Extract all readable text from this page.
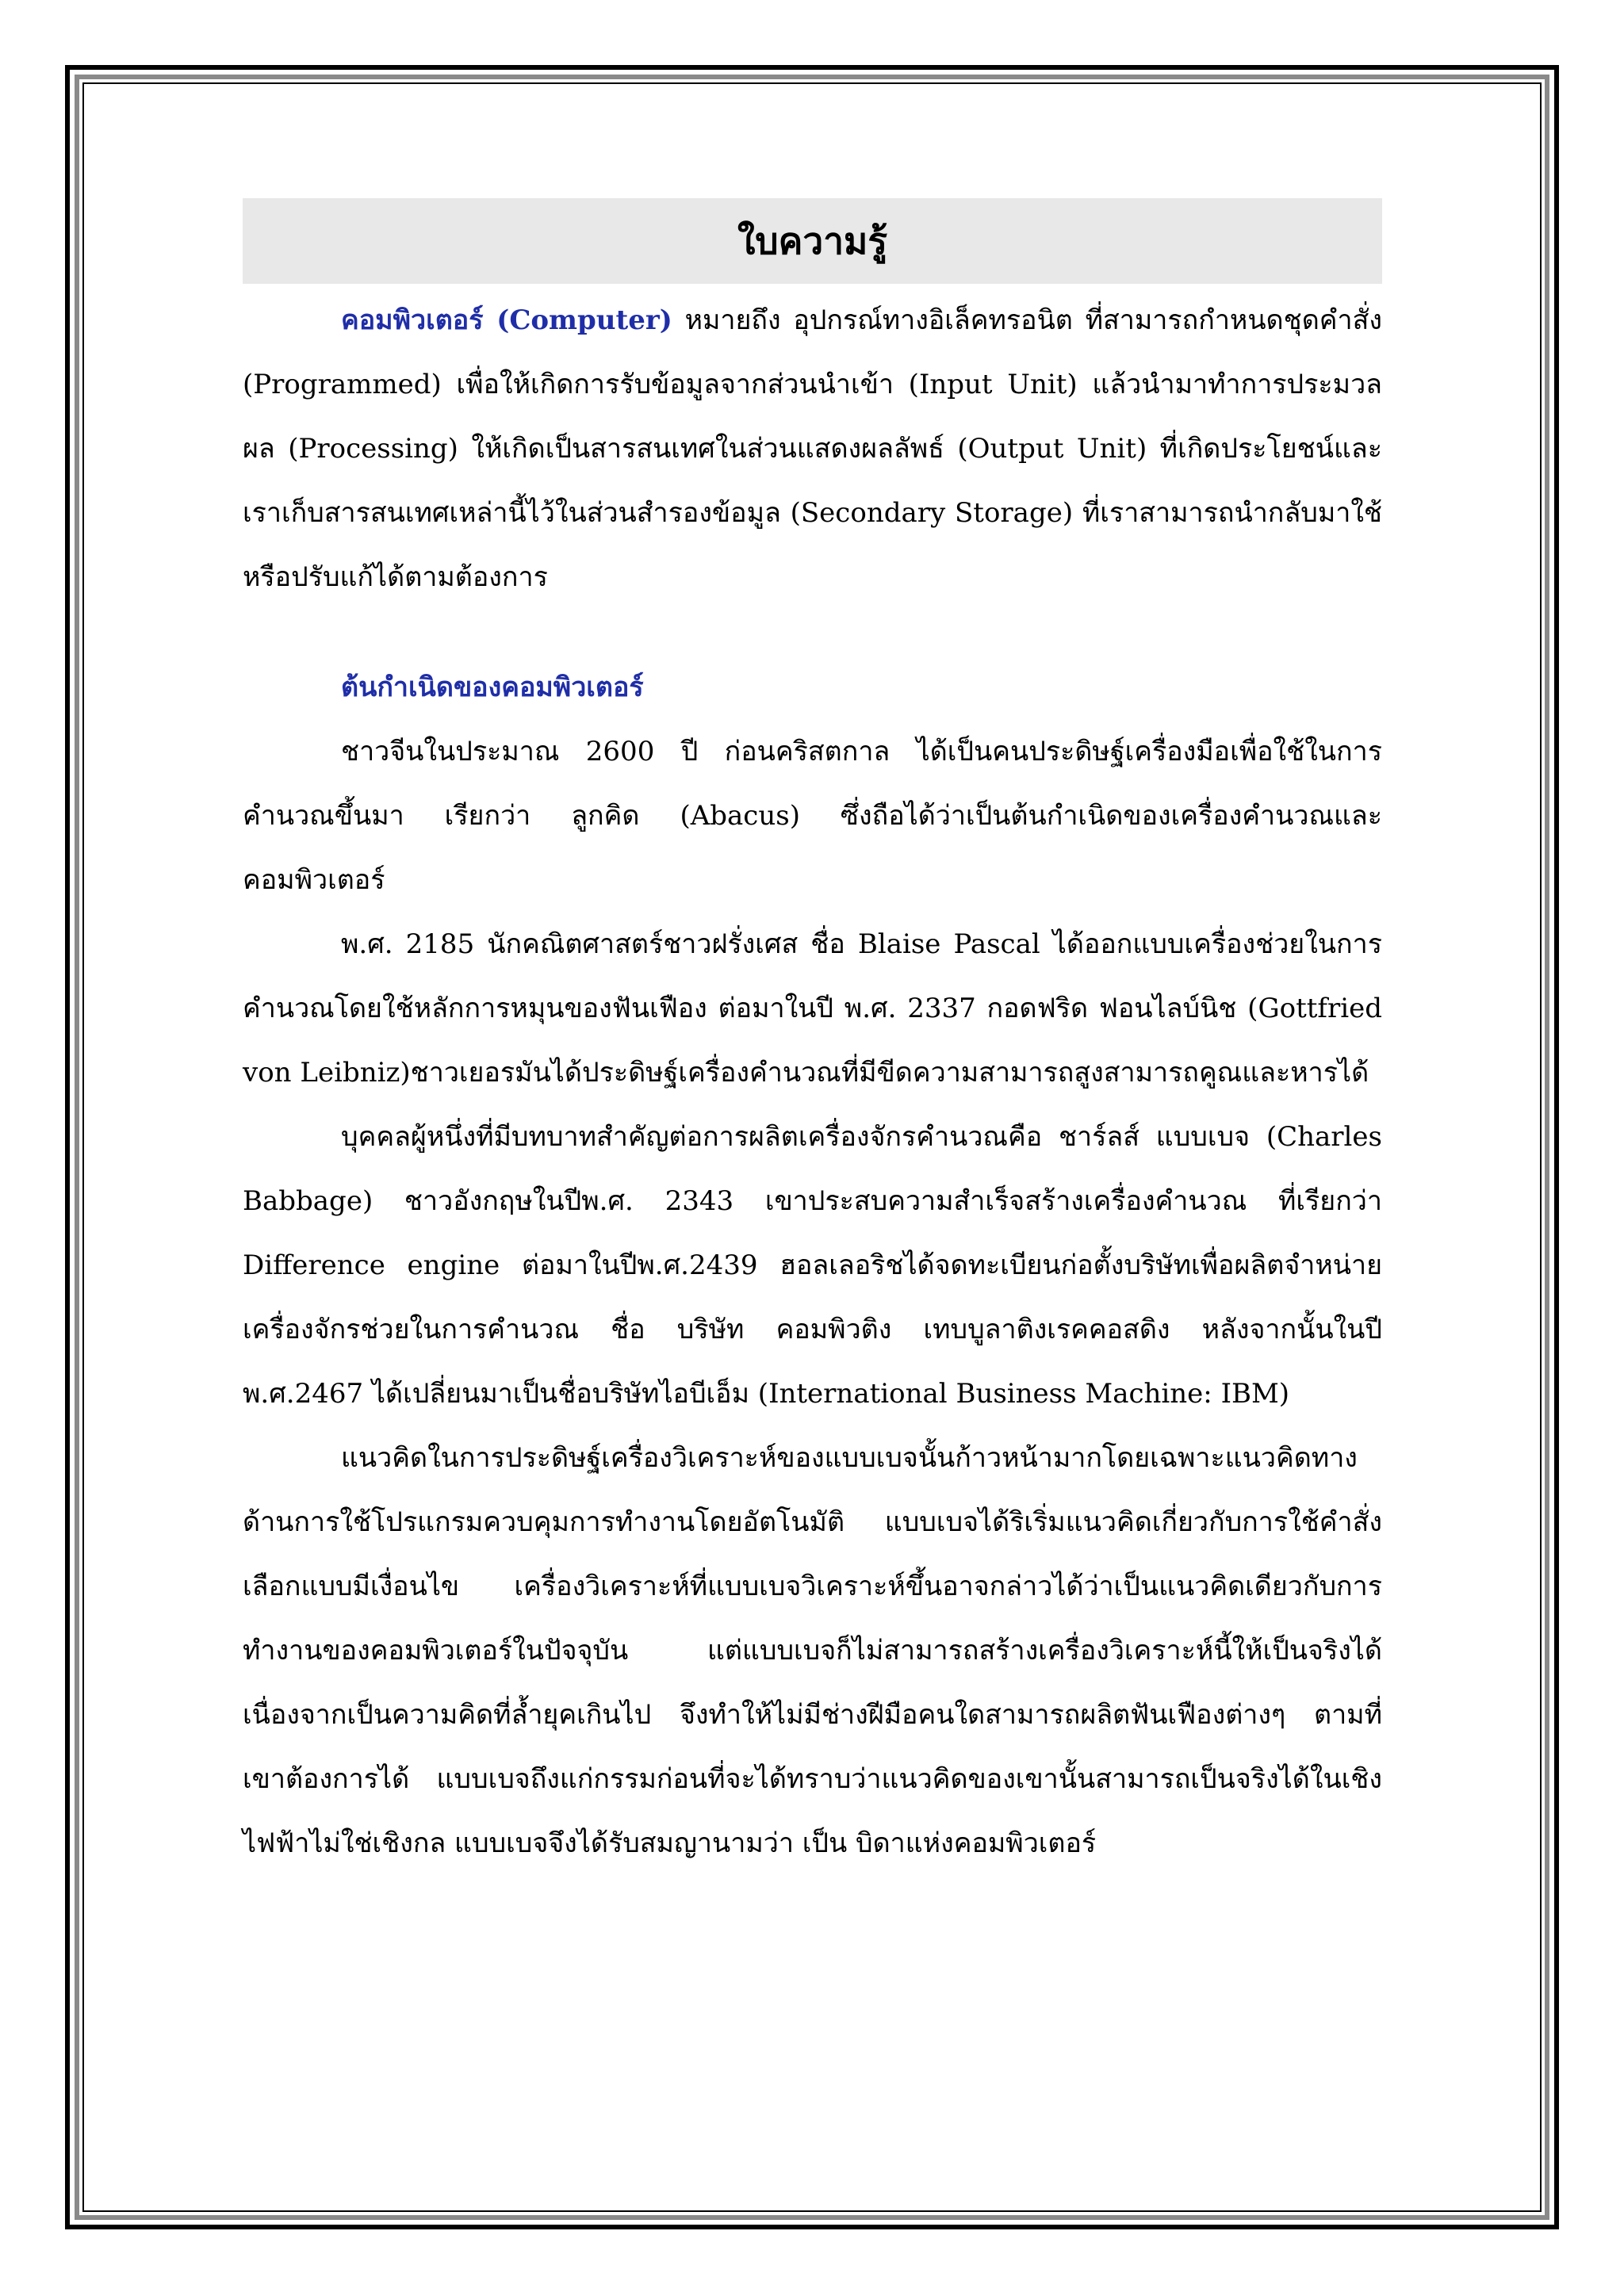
ใบความรู้

คอมพิวเตอร์ (Computer) หมายถึง อุปกรณ์ทางอิเล็คทรอนิต ที่สามารถกำหนดชุดคำสั่ง (Programmed) เพื่อให้เกิดการรับข้อมูลจากส่วนนำเข้า (Input Unit) แล้วนำมาทำการประมวลผล (Processing) ให้เกิดเป็นสารสนเทศในส่วนแสดงผลลัพธ์ (Output Unit) ที่เกิดประโยชน์และเราเก็บสารสนเทศเหล่านี้ไว้ในส่วนสำรองข้อมูล (Secondary Storage) ที่เราสามารถนำกลับมาใช้หรือปรับแก้ได้ตามต้องการ

ต้นกำเนิดของคอมพิวเตอร์

ชาวจีนในประมาณ 2600 ปี ก่อนคริสตกาล ได้เป็นคนประดิษฐ์เครื่องมือเพื่อใช้ในการคำนวณขึ้นมา เรียกว่า ลูกคิด (Abacus) ซึ่งถือได้ว่าเป็นต้นกำเนิดของเครื่องคำนวณและคอมพิวเตอร์

พ.ศ. 2185 นักคณิตศาสตร์ชาวฝรั่งเศส ชื่อ Blaise Pascal ได้ออกแบบเครื่องช่วยในการคำนวณโดยใช้หลักการหมุนของฟันเฟือง ต่อมาในปี พ.ศ. 2337 กอดฟริด ฟอนไลบ์นิช (Gottfried von Leibniz)ชาวเยอรมันได้ประดิษฐ์เครื่องคำนวณที่มีขีดความสามารถสูงสามารถคูณและหารได้

บุคคลผู้หนึ่งที่มีบทบาทสำคัญต่อการผลิตเครื่องจักรคำนวณคือ ชาร์ลส์ แบบเบจ (Charles Babbage) ชาวอังกฤษในปีพ.ศ. 2343 เขาประสบความสำเร็จสร้างเครื่องคำนวณ ที่เรียกว่า Difference engine ต่อมาในปีพ.ศ.2439 ฮอลเลอริชได้จดทะเบียนก่อตั้งบริษัทเพื่อผลิตจำหน่ายเครื่องจักรช่วยในการคำนวณ ชื่อ บริษัท คอมพิวติง เทบบูลาติงเรคคอสดิง หลังจากนั้นในปี พ.ศ.2467 ได้เปลี่ยนมาเป็นชื่อบริษัทไอบีเอ็ม (International Business Machine: IBM)

แนวคิดในการประดิษฐ์เครื่องวิเคราะห์ของแบบเบจนั้นก้าวหน้ามากโดยเฉพาะแนวคิดทางด้านการใช้โปรแกรมควบคุมการทำงานโดยอัตโนมัติ แบบเบจได้ริเริ่มแนวคิดเกี่ยวกับการใช้คำสั่งเลือกแบบมีเงื่อนไข เครื่องวิเคราะห์ที่แบบเบจวิเคราะห์ขึ้นอาจกล่าวได้ว่าเป็นแนวคิดเดียวกับการทำงานของคอมพิวเตอร์ในปัจจุบัน แต่แบบเบจก็ไม่สามารถสร้างเครื่องวิเคราะห์นี้ให้เป็นจริงได้เนื่องจากเป็นความคิดที่ล้ำยุคเกินไป จึงทำให้ไม่มีช่างฝีมือคนใดสามารถผลิตฟันเฟืองต่างๆ ตามที่เขาต้องการได้ แบบเบจถึงแก่กรรมก่อนที่จะได้ทราบว่าแนวคิดของเขานั้นสามารถเป็นจริงได้ในเชิงไฟฟ้าไม่ใช่เชิงกล แบบเบจจึงได้รับสมญานามว่า เป็น บิดาแห่งคอมพิวเตอร์
